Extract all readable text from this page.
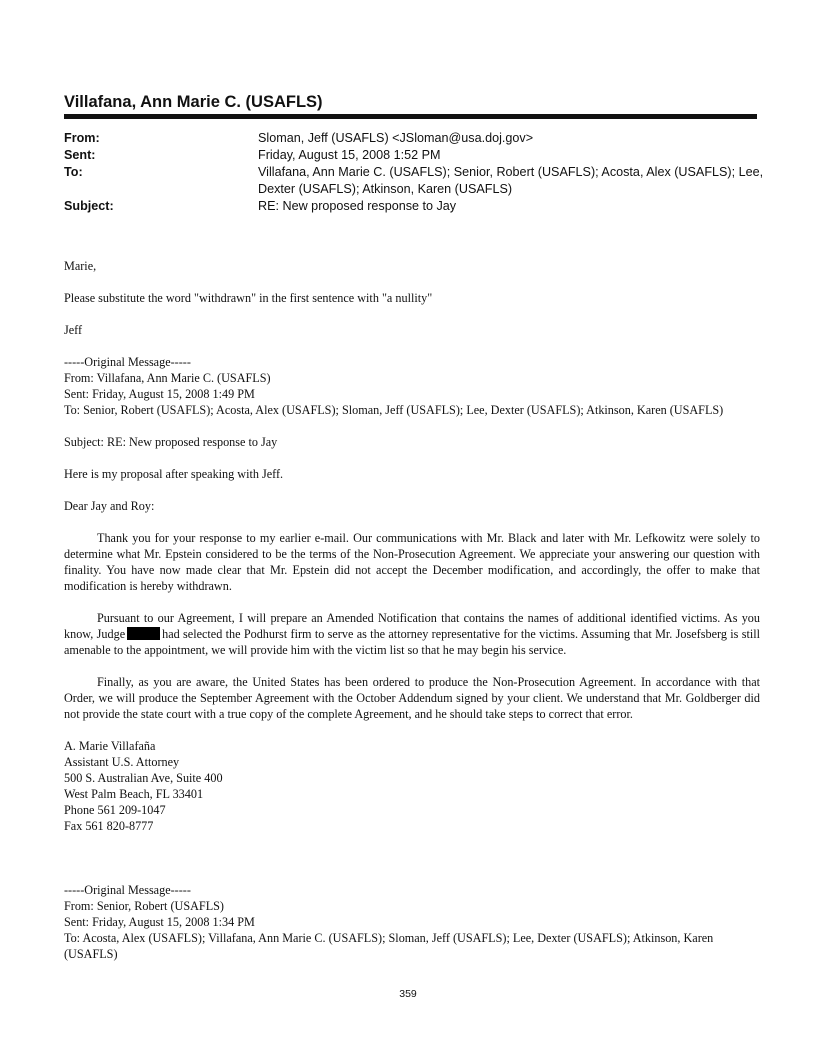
Villafana, Ann Marie C. (USAFLS)
From:	Sloman, Jeff (USAFLS) <JSloman@usa.doj.gov>
Sent:	Friday, August 15, 2008 1:52 PM
To:	Villafana, Ann Marie C. (USAFLS); Senior, Robert (USAFLS); Acosta, Alex (USAFLS); Lee, Dexter (USAFLS); Atkinson, Karen (USAFLS)
Subject:	RE: New proposed response to Jay

Marie,

Please substitute the word "withdrawn" in the first sentence with "a nullity"

Jeff

-----Original Message-----

From: Villafana, Ann Marie C. (USAFLS)

Sent: Friday, August 15, 2008 1:49 PM

To: Senior, Robert (USAFLS); Acosta, Alex (USAFLS); Sloman, Jeff (USAFLS); Lee, Dexter (USAFLS); Atkinson, Karen (USAFLS)

Subject: RE: New proposed response to Jay

Here is my proposal after speaking with Jeff.

Dear Jay and Roy:

Thank you for your response to my earlier e-mail. Our communications with Mr. Black and later with Mr. Lefkowitz were solely to determine what Mr. Epstein considered to be the terms of the Non-Prosecution Agreement. We appreciate your answering our question with finality. You have now made clear that Mr. Epstein did not accept the December modification, and accordingly, the offer to make that modification is hereby withdrawn.

Pursuant to our Agreement, I will prepare an Amended Notification that contains the names of additional identified victims. As you know, Judge	had selected the Podhurst firm to serve as the attorney representative for the victims. Assuming that Mr. Josefsberg is still amenable to the appointment, we will provide him with the victim list so that he may begin his service.

Finally, as you are aware, the United States has been ordered to produce the Non-Prosecution Agreement. In accordance with that Order, we will produce the September Agreement with the October Addendum signed by your client. We understand that Mr. Goldberger did not provide the state court with a true copy of the complete Agreement, and he should take steps to correct that error.

A. Marie Villafaña

Assistant U.S. Attorney

500 S. Australian Ave, Suite 400

West Palm Beach, FL 33401

Phone 561 209-1047

Fax 561 820-8777

-----Original Message-----

From: Senior, Robert (USAFLS)

Sent: Friday, August 15, 2008 1:34 PM

To: Acosta, Alex (USAFLS); Villafana, Ann Marie C. (USAFLS); Sloman, Jeff (USAFLS); Lee, Dexter (USAFLS); Atkinson, Karen (USAFLS)

359
